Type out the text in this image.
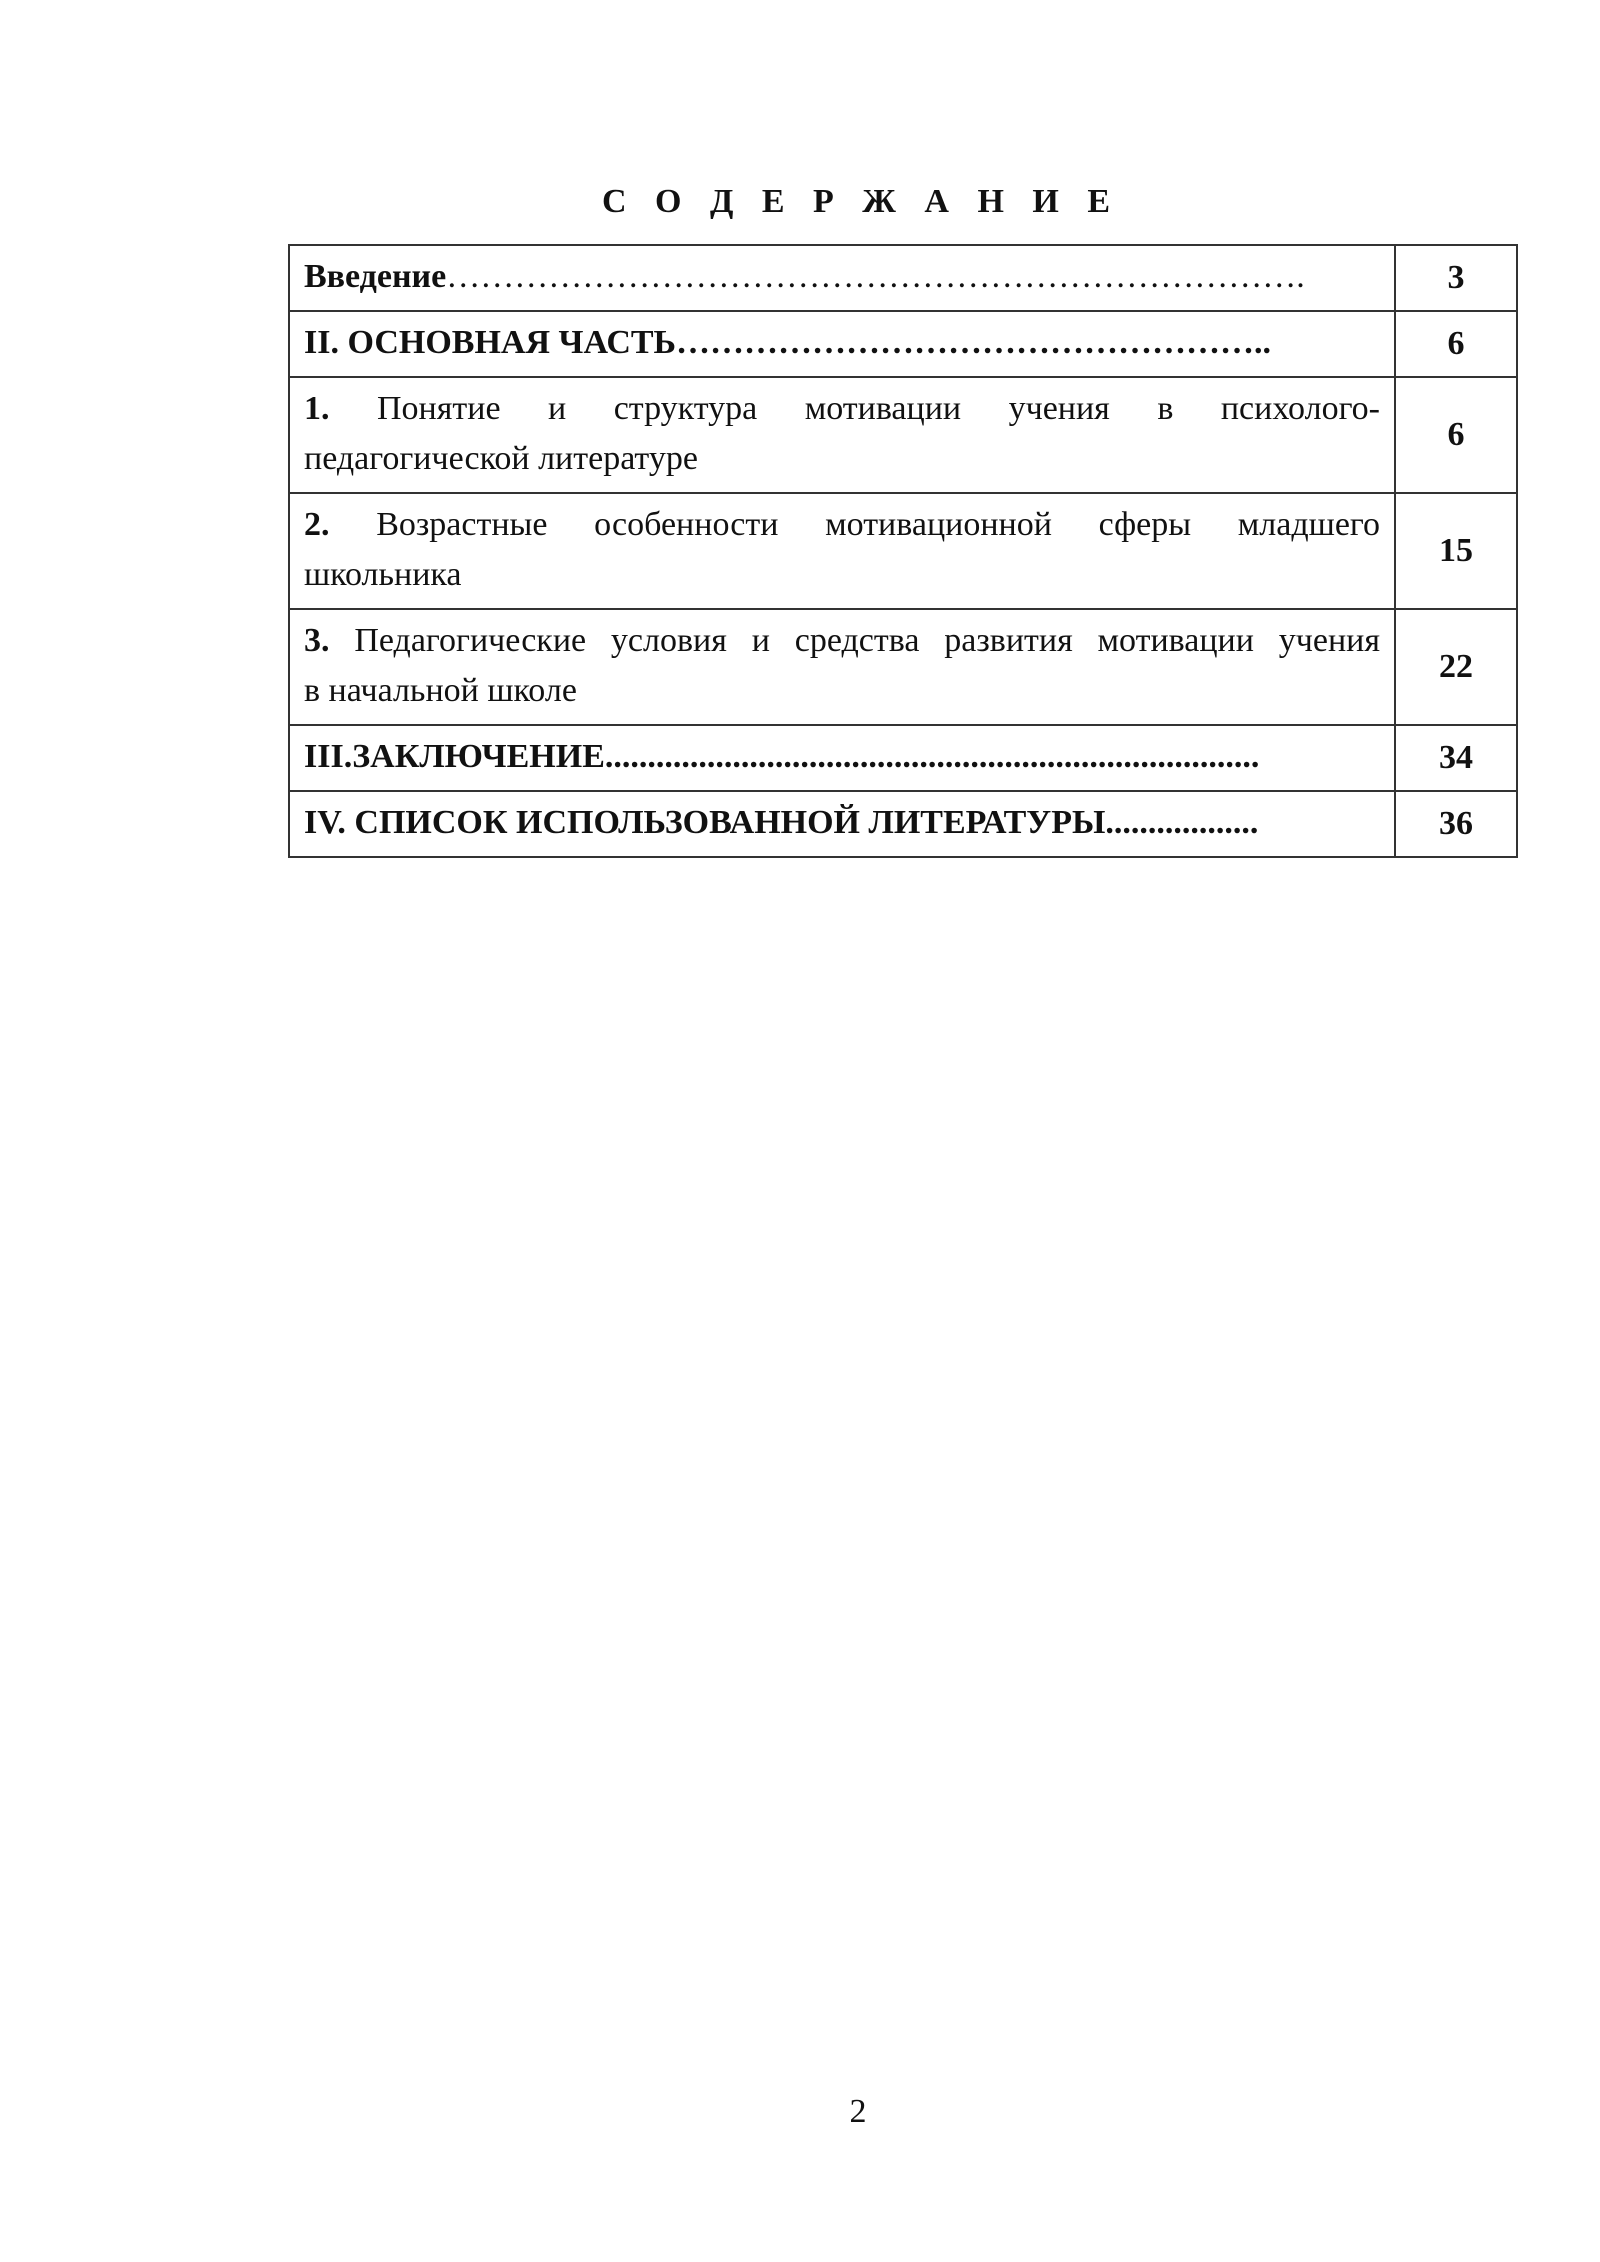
С О Д Е Р Ж А Н И Е
Введение………………………………………………………………….	3

II. ОСНОВНАЯ ЧАСТЬ……………………………………………..	6

1. Понятие и структура мотивации учения в психолого-
педагогической литературе	6

2. Возрастные особенности мотивационной сферы младшего
школьника	15

3. Педагогические условия и средства развития мотивации учения
в начальной школе	22

III.ЗАКЛЮЧЕНИЕ.............................................................................	34

IV. СПИСОК ИСПОЛЬЗОВАННОЙ ЛИТЕРАТУРЫ..................	36
2
